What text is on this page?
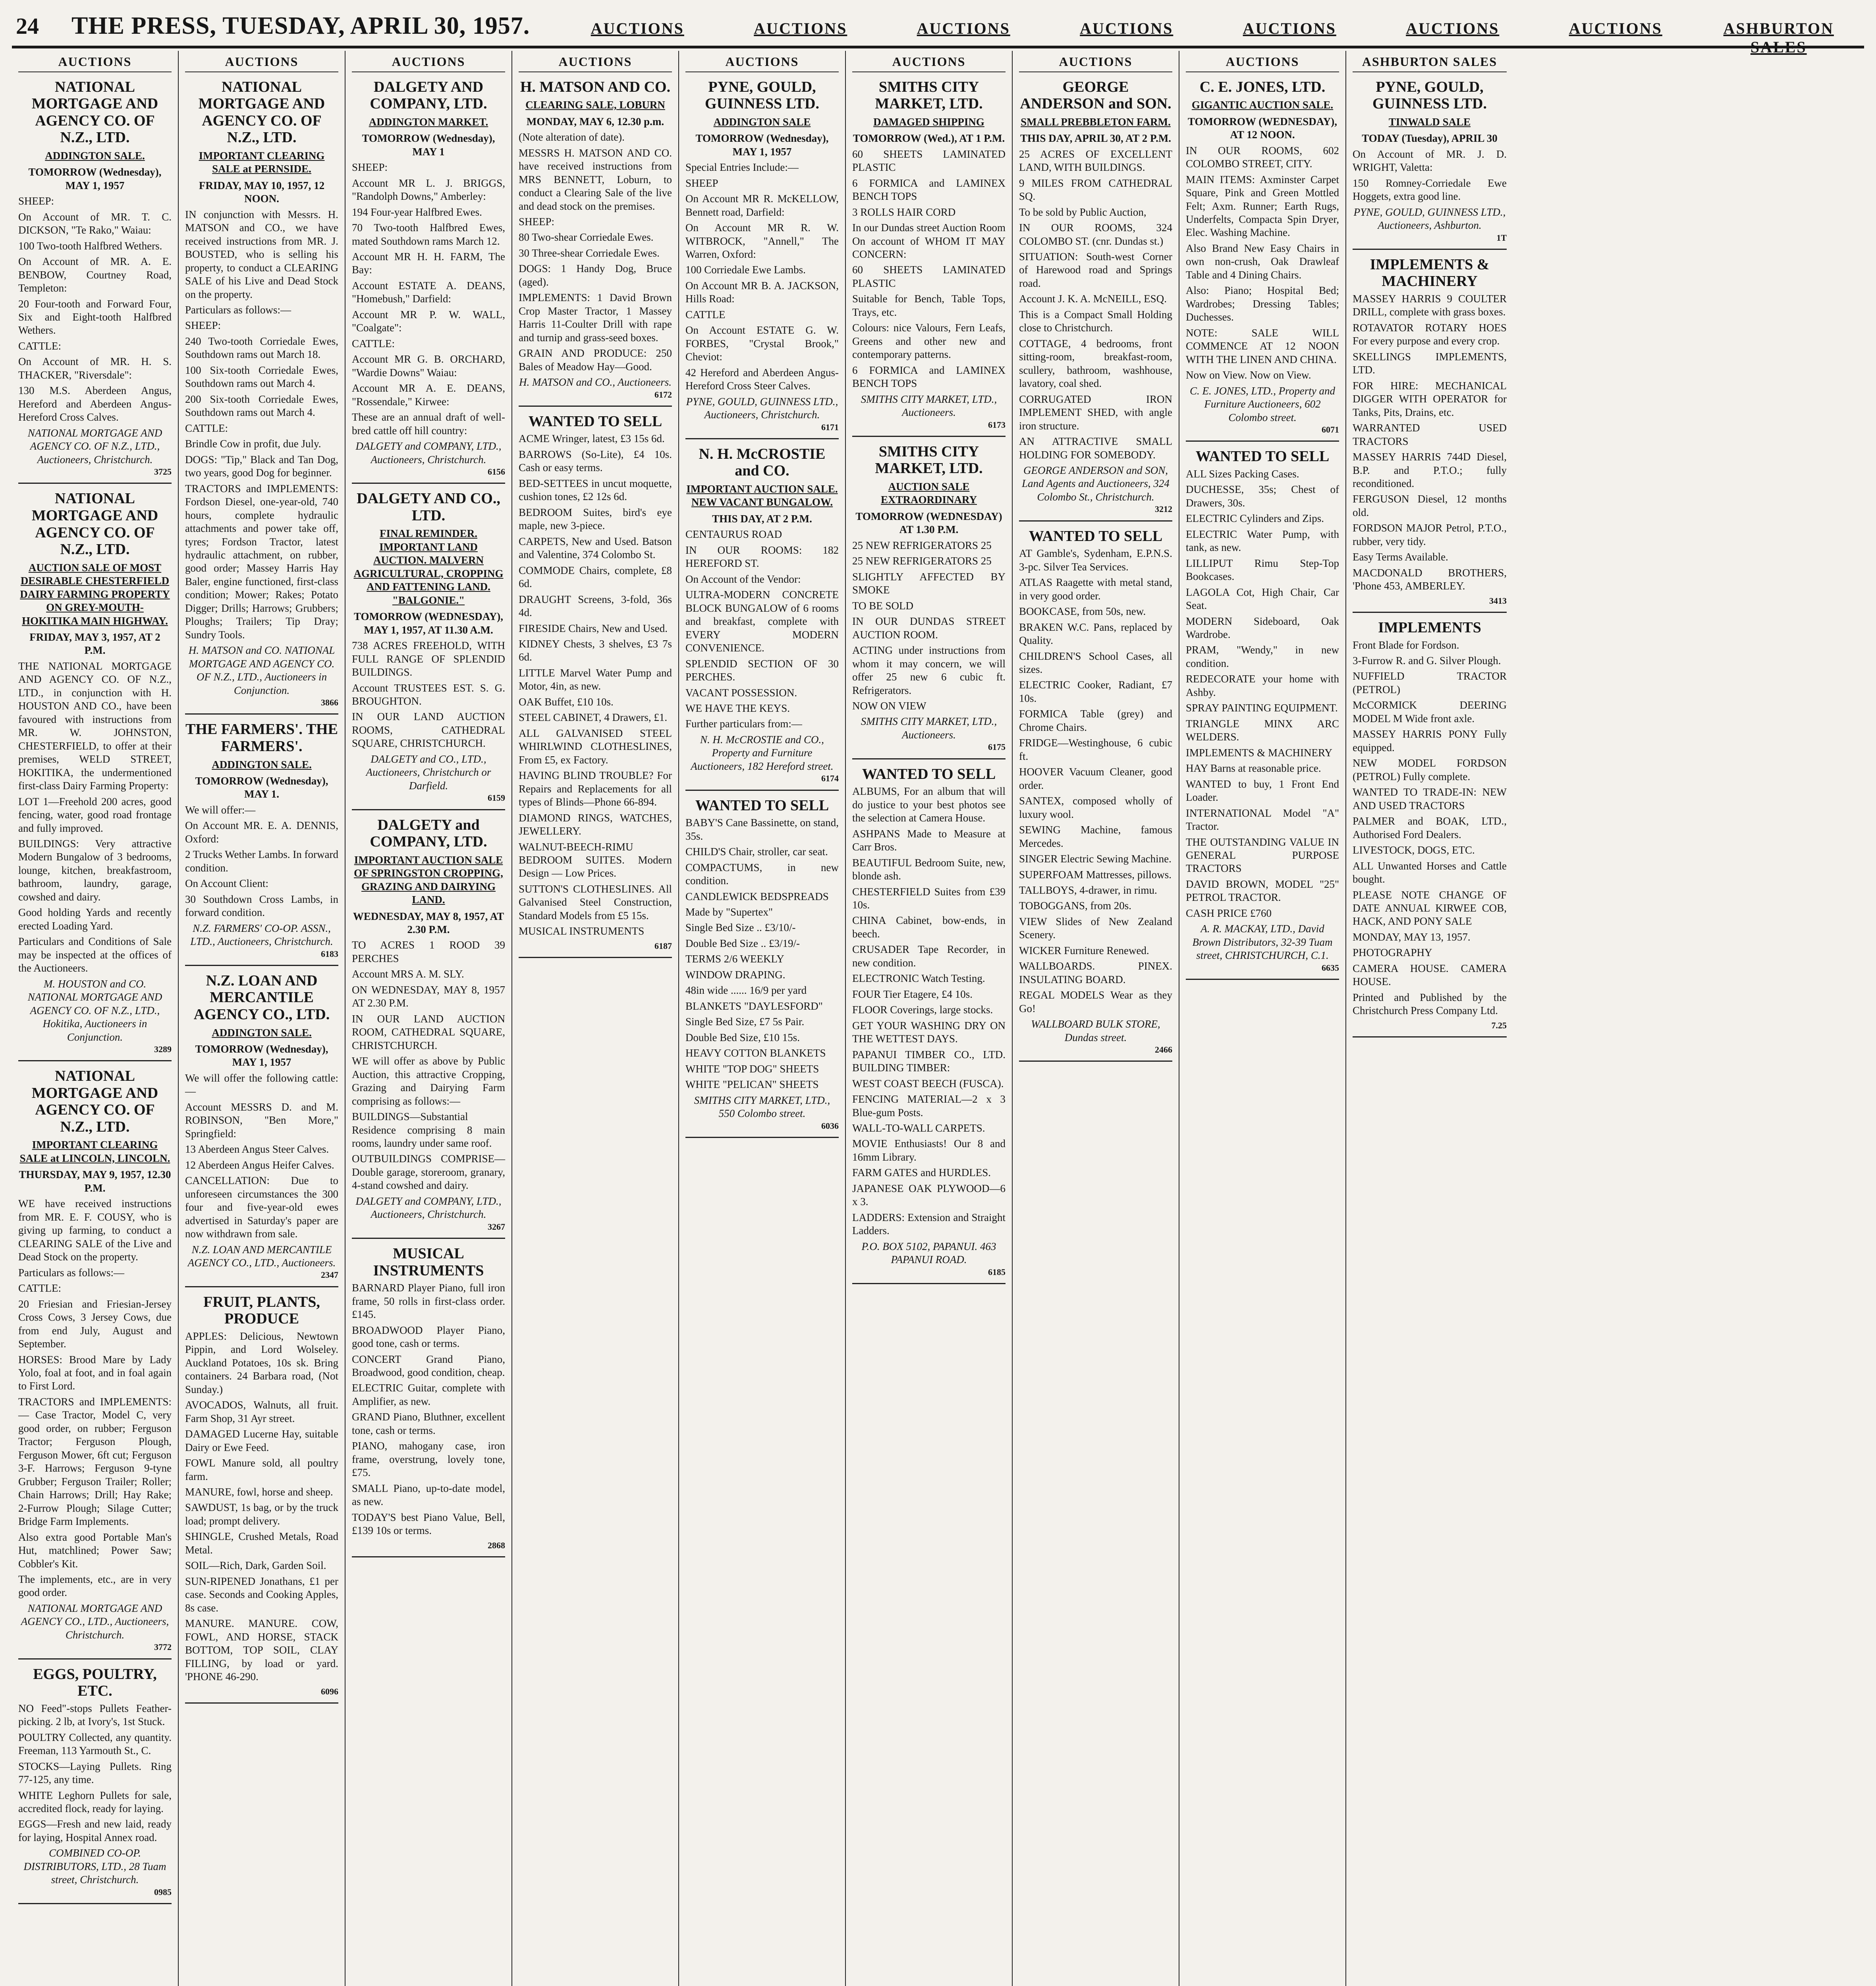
24	THE PRESS, TUESDAY, APRIL 30, 1957.	AUCTIONS	AUCTIONS	AUCTIONS	AUCTIONS	AUCTIONS	AUCTIONS	AUCTIONS	ASHBURTON SALES
AUCTIONS
NATIONAL MORTGAGE AND AGENCY CO. OF N.Z., LTD.
ADDINGTON SALE.
TOMORROW (Wednesday), MAY 1, 1957

SHEEP:

On Account of MR. T. C. DICKSON, "Te Rako," Waiau:

100 Two-tooth Halfbred Wethers.

On Account of MR. A. E. BENBOW, Courtney Road, Templeton:

20 Four-tooth and Forward Four, Six and Eight-tooth Halfbred Wethers.

CATTLE:

On Account of MR. H. S. THACKER, "Riversdale":

130 M.S. Aberdeen Angus, Hereford and Aberdeen Angus-Hereford Cross Calves.

NATIONAL MORTGAGE AND AGENCY CO. OF N.Z., LTD., Auctioneers, Christchurch.
3725
NATIONAL MORTGAGE AND AGENCY CO. OF N.Z., LTD.
AUCTION SALE OF MOST DESIRABLE CHESTERFIELD DAIRY FARMING PROPERTY ON GREY-MOUTH-HOKITIKA MAIN HIGHWAY.
FRIDAY, MAY 3, 1957, AT 2 P.M.

THE NATIONAL MORTGAGE AND AGENCY CO. OF N.Z., LTD., in conjunction with H. HOUSTON AND CO., have been favoured with instructions from MR. W. JOHNSTON, CHESTERFIELD, to offer at their premises, WELD STREET, HOKITIKA, the undermentioned first-class Dairy Farming Property:

LOT 1—Freehold 200 acres, good fencing, water, good road frontage and fully improved.

BUILDINGS: Very attractive Modern Bungalow of 3 bedrooms, lounge, kitchen, breakfastroom, bathroom, laundry, garage, cowshed and dairy.

Good holding Yards and recently erected Loading Yard.

Particulars and Conditions of Sale may be inspected at the offices of the Auctioneers.

M. HOUSTON and CO. NATIONAL MORTGAGE AND AGENCY CO. OF N.Z., LTD., Hokitika, Auctioneers in Conjunction.
3289
NATIONAL MORTGAGE AND AGENCY CO. OF N.Z., LTD.
IMPORTANT CLEARING SALE at LINCOLN, LINCOLN.
THURSDAY, MAY 9, 1957, 12.30 P.M.

WE have received instructions from MR. E. F. COUSY, who is giving up farming, to conduct a CLEARING SALE of the Live and Dead Stock on the property.

Particulars as follows:—

CATTLE:

20 Friesian and Friesian-Jersey Cross Cows, 3 Jersey Cows, due from end July, August and September.

HORSES: Brood Mare by Lady Yolo, foal at foot, and in foal again to First Lord.

TRACTORS and IMPLEMENTS:— Case Tractor, Model C, very good order, on rubber; Ferguson Tractor; Ferguson Plough, Ferguson Mower, 6ft cut; Ferguson 3-F. Harrows; Ferguson 9-tyne Grubber; Ferguson Trailer; Roller; Chain Harrows; Drill; Hay Rake; 2-Furrow Plough; Silage Cutter; Bridge Farm Implements.

Also extra good Portable Man's Hut, matchlined; Power Saw; Cobbler's Kit.

The implements, etc., are in very good order.

NATIONAL MORTGAGE AND AGENCY CO., LTD., Auctioneers, Christchurch.
3772
EGGS, POULTRY, ETC.

NO Feed"-stops Pullets Feather-picking. 2 lb, at Ivory's, 1st Stuck.

POULTRY Collected, any quantity. Freeman, 113 Yarmouth St., C.

STOCKS—Laying Pullets. Ring 77-125, any time.

WHITE Leghorn Pullets for sale, accredited flock, ready for laying.

EGGS—Fresh and new laid, ready for laying, Hospital Annex road.

COMBINED CO-OP. DISTRIBUTORS, LTD., 28 Tuam street, Christchurch.
0985
AUCTIONS
NATIONAL MORTGAGE AND AGENCY CO. OF N.Z., LTD.
IMPORTANT CLEARING SALE at PERNSIDE.
FRIDAY, MAY 10, 1957, 12 NOON.

IN conjunction with Messrs. H. MATSON and CO., we have received instructions from MR. J. BOUSTED, who is selling his property, to conduct a CLEARING SALE of his Live and Dead Stock on the property.

Particulars as follows:—

SHEEP:

240 Two-tooth Corriedale Ewes, Southdown rams out March 18.

100 Six-tooth Corriedale Ewes, Southdown rams out March 4.

200 Six-tooth Corriedale Ewes, Southdown rams out March 4.

CATTLE:

Brindle Cow in profit, due July.

DOGS: "Tip," Black and Tan Dog, two years, good Dog for beginner.

TRACTORS and IMPLEMENTS: Fordson Diesel, one-year-old, 740 hours, complete hydraulic attachments and power take off, tyres; Fordson Tractor, latest hydraulic attachment, on rubber, good order; Massey Harris Hay Baler, engine functioned, first-class condition; Mower; Rakes; Potato Digger; Drills; Harrows; Grubbers; Ploughs; Trailers; Tip Dray; Sundry Tools.

H. MATSON and CO. NATIONAL MORTGAGE AND AGENCY CO. OF N.Z., LTD., Auctioneers in Conjunction.
3866
THE FARMERS'. THE FARMERS'.
ADDINGTON SALE.
TOMORROW (Wednesday), MAY 1.

We will offer:—

On Account MR. E. A. DENNIS, Oxford:

2 Trucks Wether Lambs. In forward condition.

On Account Client:

30 Southdown Cross Lambs, in forward condition.

N.Z. FARMERS' CO-OP. ASSN., LTD., Auctioneers, Christchurch.
6183
N.Z. LOAN AND MERCANTILE AGENCY CO., LTD.
ADDINGTON SALE.
TOMORROW (Wednesday), MAY 1, 1957

We will offer the following cattle:—

Account MESSRS D. and M. ROBINSON, "Ben More," Springfield:

13 Aberdeen Angus Steer Calves.

12 Aberdeen Angus Heifer Calves.

CANCELLATION: Due to unforeseen circumstances the 300 four and five-year-old ewes advertised in Saturday's paper are now withdrawn from sale.

N.Z. LOAN AND MERCANTILE AGENCY CO., LTD., Auctioneers.
2347
FRUIT, PLANTS, PRODUCE

APPLES: Delicious, Newtown Pippin, and Lord Wolseley. Auckland Potatoes, 10s sk. Bring containers. 24 Barbara road, (Not Sunday.)

AVOCADOS, Walnuts, all fruit. Farm Shop, 31 Ayr street.

DAMAGED Lucerne Hay, suitable Dairy or Ewe Feed.

FOWL Manure sold, all poultry farm.

MANURE, fowl, horse and sheep.

SAWDUST, 1s bag, or by the truck load; prompt delivery.

SHINGLE, Crushed Metals, Road Metal.

SOIL—Rich, Dark, Garden Soil.

SUN-RIPENED Jonathans, £1 per case. Seconds and Cooking Apples, 8s case.

MANURE. MANURE. COW, FOWL, AND HORSE, STACK BOTTOM, TOP SOIL, CLAY FILLING, by load or yard. 'PHONE 46-290.

6096
AUCTIONS
DALGETY AND COMPANY, LTD.
ADDINGTON MARKET.
TOMORROW (Wednesday), MAY 1

SHEEP:

Account MR L. J. BRIGGS, "Randolph Downs," Amberley:

194 Four-year Halfbred Ewes.

70 Two-tooth Halfbred Ewes, mated Southdown rams March 12.

Account MR H. H. FARM, The Bay:

Account ESTATE A. DEANS, "Homebush," Darfield:

Account MR P. W. WALL, "Coalgate":

CATTLE:

Account MR G. B. ORCHARD, "Wardie Downs" Waiau:

Account MR A. E. DEANS, "Rossendale," Kirwee:

These are an annual draft of well-bred cattle off hill country:

DALGETY and COMPANY, LTD., Auctioneers, Christchurch.
6156
DALGETY AND CO., LTD.
FINAL REMINDER. IMPORTANT LAND AUCTION. MALVERN AGRICULTURAL, CROPPING AND FATTENING LAND. "BALGONIE."
TOMORROW (WEDNESDAY), MAY 1, 1957, AT 11.30 A.M.

738 ACRES FREEHOLD, WITH FULL RANGE OF SPLENDID BUILDINGS.

Account TRUSTEES EST. S. G. BROUGHTON.

IN OUR LAND AUCTION ROOMS, CATHEDRAL SQUARE, CHRISTCHURCH.

DALGETY and CO., LTD., Auctioneers, Christchurch or Darfield.
6159
DALGETY and COMPANY, LTD.
IMPORTANT AUCTION SALE OF SPRINGSTON CROPPING, GRAZING AND DAIRYING LAND.
WEDNESDAY, MAY 8, 1957, AT 2.30 P.M.

TO ACRES 1 ROOD 39 PERCHES

Account MRS A. M. SLY.

ON WEDNESDAY, MAY 8, 1957 AT 2.30 P.M.

IN OUR LAND AUCTION ROOM, CATHEDRAL SQUARE, CHRISTCHURCH.

WE will offer as above by Public Auction, this attractive Cropping, Grazing and Dairying Farm comprising as follows:—

BUILDINGS—Substantial Residence comprising 8 main rooms, laundry under same roof.

OUTBUILDINGS COMPRISE—Double garage, storeroom, granary, 4-stand cowshed and dairy.

DALGETY and COMPANY, LTD., Auctioneers, Christchurch.
3267
MUSICAL INSTRUMENTS

BARNARD Player Piano, full iron frame, 50 rolls in first-class order. £145.

BROADWOOD Player Piano, good tone, cash or terms.

CONCERT Grand Piano, Broadwood, good condition, cheap.

ELECTRIC Guitar, complete with Amplifier, as new.

GRAND Piano, Bluthner, excellent tone, cash or terms.

PIANO, mahogany case, iron frame, overstrung, lovely tone, £75.

SMALL Piano, up-to-date model, as new.

TODAY'S best Piano Value, Bell, £139 10s or terms.

2868
AUCTIONS
H. MATSON AND CO.
CLEARING SALE, LOBURN
MONDAY, MAY 6, 12.30 p.m.

(Note alteration of date).

MESSRS H. MATSON AND CO. have received instructions from MRS BENNETT, Loburn, to conduct a Clearing Sale of the live and dead stock on the premises.

SHEEP:

80 Two-shear Corriedale Ewes.

30 Three-shear Corriedale Ewes.

DOGS: 1 Handy Dog, Bruce (aged).

IMPLEMENTS: 1 David Brown Crop Master Tractor, 1 Massey Harris 11-Coulter Drill with rape and turnip and grass-seed boxes.

GRAIN AND PRODUCE: 250 Bales of Meadow Hay—Good.

H. MATSON and CO., Auctioneers.
6172
WANTED TO SELL

ACME Wringer, latest, £3 15s 6d.

BARROWS (So-Lite), £4 10s. Cash or easy terms.

BED-SETTEES in uncut moquette, cushion tones, £2 12s 6d.

BEDROOM Suites, bird's eye maple, new 3-piece.

CARPETS, New and Used. Batson and Valentine, 374 Colombo St.

COMMODE Chairs, complete, £8 6d.

DRAUGHT Screens, 3-fold, 36s 4d.

FIRESIDE Chairs, New and Used.

KIDNEY Chests, 3 shelves, £3 7s 6d.

LITTLE Marvel Water Pump and Motor, 4in, as new.

OAK Buffet, £10 10s.

STEEL CABINET, 4 Drawers, £1.

ALL GALVANISED STEEL WHIRLWIND CLOTHESLINES, From £5, ex Factory.

HAVING BLIND TROUBLE? For Repairs and Replacements for all types of Blinds—Phone 66-894.

DIAMOND RINGS, WATCHES, JEWELLERY.

WALNUT-BEECH-RIMU BEDROOM SUITES. Modern Design — Low Prices.

SUTTON'S CLOTHESLINES. All Galvanised Steel Construction, Standard Models from £5 15s.

MUSICAL INSTRUMENTS

6187
AUCTIONS
PYNE, GOULD, GUINNESS LTD.
ADDINGTON SALE
TOMORROW (Wednesday), MAY 1, 1957

Special Entries Include:—

SHEEP

On Account MR R. McKELLOW, Bennett road, Darfield:

On Account MR R. W. WITBROCK, "Annell," The Warren, Oxford:

100 Corriedale Ewe Lambs.

On Account MR B. A. JACKSON, Hills Road:

CATTLE

On Account ESTATE G. W. FORBES, "Crystal Brook," Cheviot:

42 Hereford and Aberdeen Angus-Hereford Cross Steer Calves.

PYNE, GOULD, GUINNESS LTD., Auctioneers, Christchurch.
6171
N. H. McCROSTIE and CO.
IMPORTANT AUCTION SALE. NEW VACANT BUNGALOW.
THIS DAY, AT 2 P.M.

CENTAURUS ROAD

IN OUR ROOMS: 182 HEREFORD ST.

On Account of the Vendor:

ULTRA-MODERN CONCRETE BLOCK BUNGALOW of 6 rooms and breakfast, complete with EVERY MODERN CONVENIENCE.

SPLENDID SECTION OF 30 PERCHES.

VACANT POSSESSION.

WE HAVE THE KEYS.

Further particulars from:—

N. H. McCROSTIE and CO., Property and Furniture Auctioneers, 182 Hereford street.
6174
WANTED TO SELL

BABY'S Cane Bassinette, on stand, 35s.

CHILD'S Chair, stroller, car seat.

COMPACTUMS, in new condition.

CANDLEWICK BEDSPREADS

Made by "Supertex"

Single Bed Size .. £3/10/-

Double Bed Size .. £3/19/-

TERMS 2/6 WEEKLY

WINDOW DRAPING.

48in wide ...... 16/9 per yard

BLANKETS "DAYLESFORD"

Single Bed Size, £7 5s Pair.

Double Bed Size, £10 15s.

HEAVY COTTON BLANKETS

WHITE "TOP DOG" SHEETS

WHITE "PELICAN" SHEETS

SMITHS CITY MARKET, LTD., 550 Colombo street.
6036
AUCTIONS
SMITHS CITY MARKET, LTD.
DAMAGED SHIPPING
TOMORROW (Wed.), AT 1 P.M.

60 SHEETS LAMINATED PLASTIC

6 FORMICA and LAMINEX BENCH TOPS

3 ROLLS HAIR CORD

In our Dundas street Auction Room On account of WHOM IT MAY CONCERN:

60 SHEETS LAMINATED PLASTIC

Suitable for Bench, Table Tops, Trays, etc.

Colours: nice Valours, Fern Leafs, Greens and other new and contemporary patterns.

6 FORMICA and LAMINEX BENCH TOPS

SMITHS CITY MARKET, LTD., Auctioneers.
6173
SMITHS CITY MARKET, LTD.
AUCTION SALE EXTRAORDINARY
TOMORROW (WEDNESDAY) AT 1.30 P.M.

25 NEW REFRIGERATORS 25

25 NEW REFRIGERATORS 25

SLIGHTLY AFFECTED BY SMOKE

TO BE SOLD

IN OUR DUNDAS STREET AUCTION ROOM.

ACTING under instructions from whom it may concern, we will offer 25 new 6 cubic ft. Refrigerators.

NOW ON VIEW

SMITHS CITY MARKET, LTD., Auctioneers.
6175
WANTED TO SELL

ALBUMS, For an album that will do justice to your best photos see the selection at Camera House.

ASHPANS Made to Measure at Carr Bros.

BEAUTIFUL Bedroom Suite, new, blonde ash.

CHESTERFIELD Suites from £39 10s.

CHINA Cabinet, bow-ends, in beech.

CRUSADER Tape Recorder, in new condition.

ELECTRONIC Watch Testing.

FOUR Tier Etagere, £4 10s.

FLOOR Coverings, large stocks.

GET YOUR WASHING DRY ON THE WETTEST DAYS.

PAPANUI TIMBER CO., LTD. BUILDING TIMBER:

WEST COAST BEECH (FUSCA).

FENCING MATERIAL—2 x 3 Blue-gum Posts.

WALL-TO-WALL CARPETS.

MOVIE Enthusiasts! Our 8 and 16mm Library.

FARM GATES and HURDLES.

JAPANESE OAK PLYWOOD—6 x 3.

LADDERS: Extension and Straight Ladders.

P.O. BOX 5102, PAPANUI. 463 PAPANUI ROAD.
6185
AUCTIONS
GEORGE ANDERSON and SON.
SMALL PREBBLETON FARM.
THIS DAY, APRIL 30, AT 2 P.M.

25 ACRES OF EXCELLENT LAND, WITH BUILDINGS.

9 MILES FROM CATHEDRAL SQ.

To be sold by Public Auction,

IN OUR ROOMS, 324 COLOMBO ST. (cnr. Dundas st.)

SITUATION: South-west Corner of Harewood road and Springs road.

Account J. K. A. McNEILL, ESQ.

This is a Compact Small Holding close to Christchurch.

COTTAGE, 4 bedrooms, front sitting-room, breakfast-room, scullery, bathroom, washhouse, lavatory, coal shed.

CORRUGATED IRON IMPLEMENT SHED, with angle iron structure.

AN ATTRACTIVE SMALL HOLDING FOR SOMEBODY.

GEORGE ANDERSON and SON, Land Agents and Auctioneers, 324 Colombo St., Christchurch.
3212
WANTED TO SELL

AT Gamble's, Sydenham, E.P.N.S. 3-pc. Silver Tea Services.

ATLAS Raagette with metal stand, in very good order.

BOOKCASE, from 50s, new.

BRAKEN W.C. Pans, replaced by Quality.

CHILDREN'S School Cases, all sizes.

ELECTRIC Cooker, Radiant, £7 10s.

FORMICA Table (grey) and Chrome Chairs.

FRIDGE—Westinghouse, 6 cubic ft.

HOOVER Vacuum Cleaner, good order.

SANTEX, composed wholly of luxury wool.

SEWING Machine, famous Mercedes.

SINGER Electric Sewing Machine.

SUPERFOAM Mattresses, pillows.

TALLBOYS, 4-drawer, in rimu.

TOBOGGANS, from 20s.

VIEW Slides of New Zealand Scenery.

WICKER Furniture Renewed.

WALLBOARDS. PINEX. INSULATING BOARD.

REGAL MODELS Wear as they Go!

WALLBOARD BULK STORE, Dundas street.
2466
AUCTIONS
C. E. JONES, LTD.
GIGANTIC AUCTION SALE.
TOMORROW (WEDNESDAY), AT 12 NOON.

IN OUR ROOMS, 602 COLOMBO STREET, CITY.

MAIN ITEMS: Axminster Carpet Square, Pink and Green Mottled Felt; Axm. Runner; Earth Rugs, Underfelts, Compacta Spin Dryer, Elec. Washing Machine.

Also Brand New Easy Chairs in own non-crush, Oak Drawleaf Table and 4 Dining Chairs.

Also: Piano; Hospital Bed; Wardrobes; Dressing Tables; Duchesses.

NOTE: SALE WILL COMMENCE AT 12 NOON WITH THE LINEN AND CHINA.

Now on View. Now on View.

C. E. JONES, LTD., Property and Furniture Auctioneers, 602 Colombo street.
6071
WANTED TO SELL

ALL Sizes Packing Cases.

DUCHESSE, 35s; Chest of Drawers, 30s.

ELECTRIC Cylinders and Zips.

ELECTRIC Water Pump, with tank, as new.

LILLIPUT Rimu Step-Top Bookcases.

LAGOLA Cot, High Chair, Car Seat.

MODERN Sideboard, Oak Wardrobe.

PRAM, "Wendy," in new condition.

REDECORATE your home with Ashby.

SPRAY PAINTING EQUIPMENT.

TRIANGLE MINX ARC WELDERS.

IMPLEMENTS & MACHINERY

HAY Barns at reasonable price.

WANTED to buy, 1 Front End Loader.

INTERNATIONAL Model "A" Tractor.

THE OUTSTANDING VALUE IN GENERAL PURPOSE TRACTORS

DAVID BROWN, MODEL "25" PETROL TRACTOR.

CASH PRICE £760

A. R. MACKAY, LTD., David Brown Distributors, 32-39 Tuam street, CHRISTCHURCH, C.1.
6635
ASHBURTON SALES
PYNE, GOULD, GUINNESS LTD.
TINWALD SALE
TODAY (Tuesday), APRIL 30

On Account of MR. J. D. WRIGHT, Valetta:

150 Romney-Corriedale Ewe Hoggets, extra good line.

PYNE, GOULD, GUINNESS LTD., Auctioneers, Ashburton.
1T
IMPLEMENTS & MACHINERY

MASSEY HARRIS 9 COULTER DRILL, complete with grass boxes.

ROTAVATOR ROTARY HOES For every purpose and every crop.

SKELLINGS IMPLEMENTS, LTD.

FOR HIRE: MECHANICAL DIGGER WITH OPERATOR for Tanks, Pits, Drains, etc.

WARRANTED USED TRACTORS

MASSEY HARRIS 744D Diesel, B.P. and P.T.O.; fully reconditioned.

FERGUSON Diesel, 12 months old.

FORDSON MAJOR Petrol, P.T.O., rubber, very tidy.

Easy Terms Available.

MACDONALD BROTHERS, 'Phone 453, AMBERLEY.

3413
IMPLEMENTS

Front Blade for Fordson.

3-Furrow R. and G. Silver Plough.

NUFFIELD TRACTOR (PETROL)

McCORMICK DEERING MODEL M Wide front axle.

MASSEY HARRIS PONY Fully equipped.

NEW MODEL FORDSON (PETROL) Fully complete.

WANTED TO TRADE-IN: NEW AND USED TRACTORS

PALMER and BOAK, LTD., Authorised Ford Dealers.

LIVESTOCK, DOGS, ETC.

ALL Unwanted Horses and Cattle bought.

PLEASE NOTE CHANGE OF DATE ANNUAL KIRWEE COB, HACK, AND PONY SALE

MONDAY, MAY 13, 1957.

PHOTOGRAPHY

CAMERA HOUSE. CAMERA HOUSE.

Printed and Published by the Christchurch Press Company Ltd.

7.25
